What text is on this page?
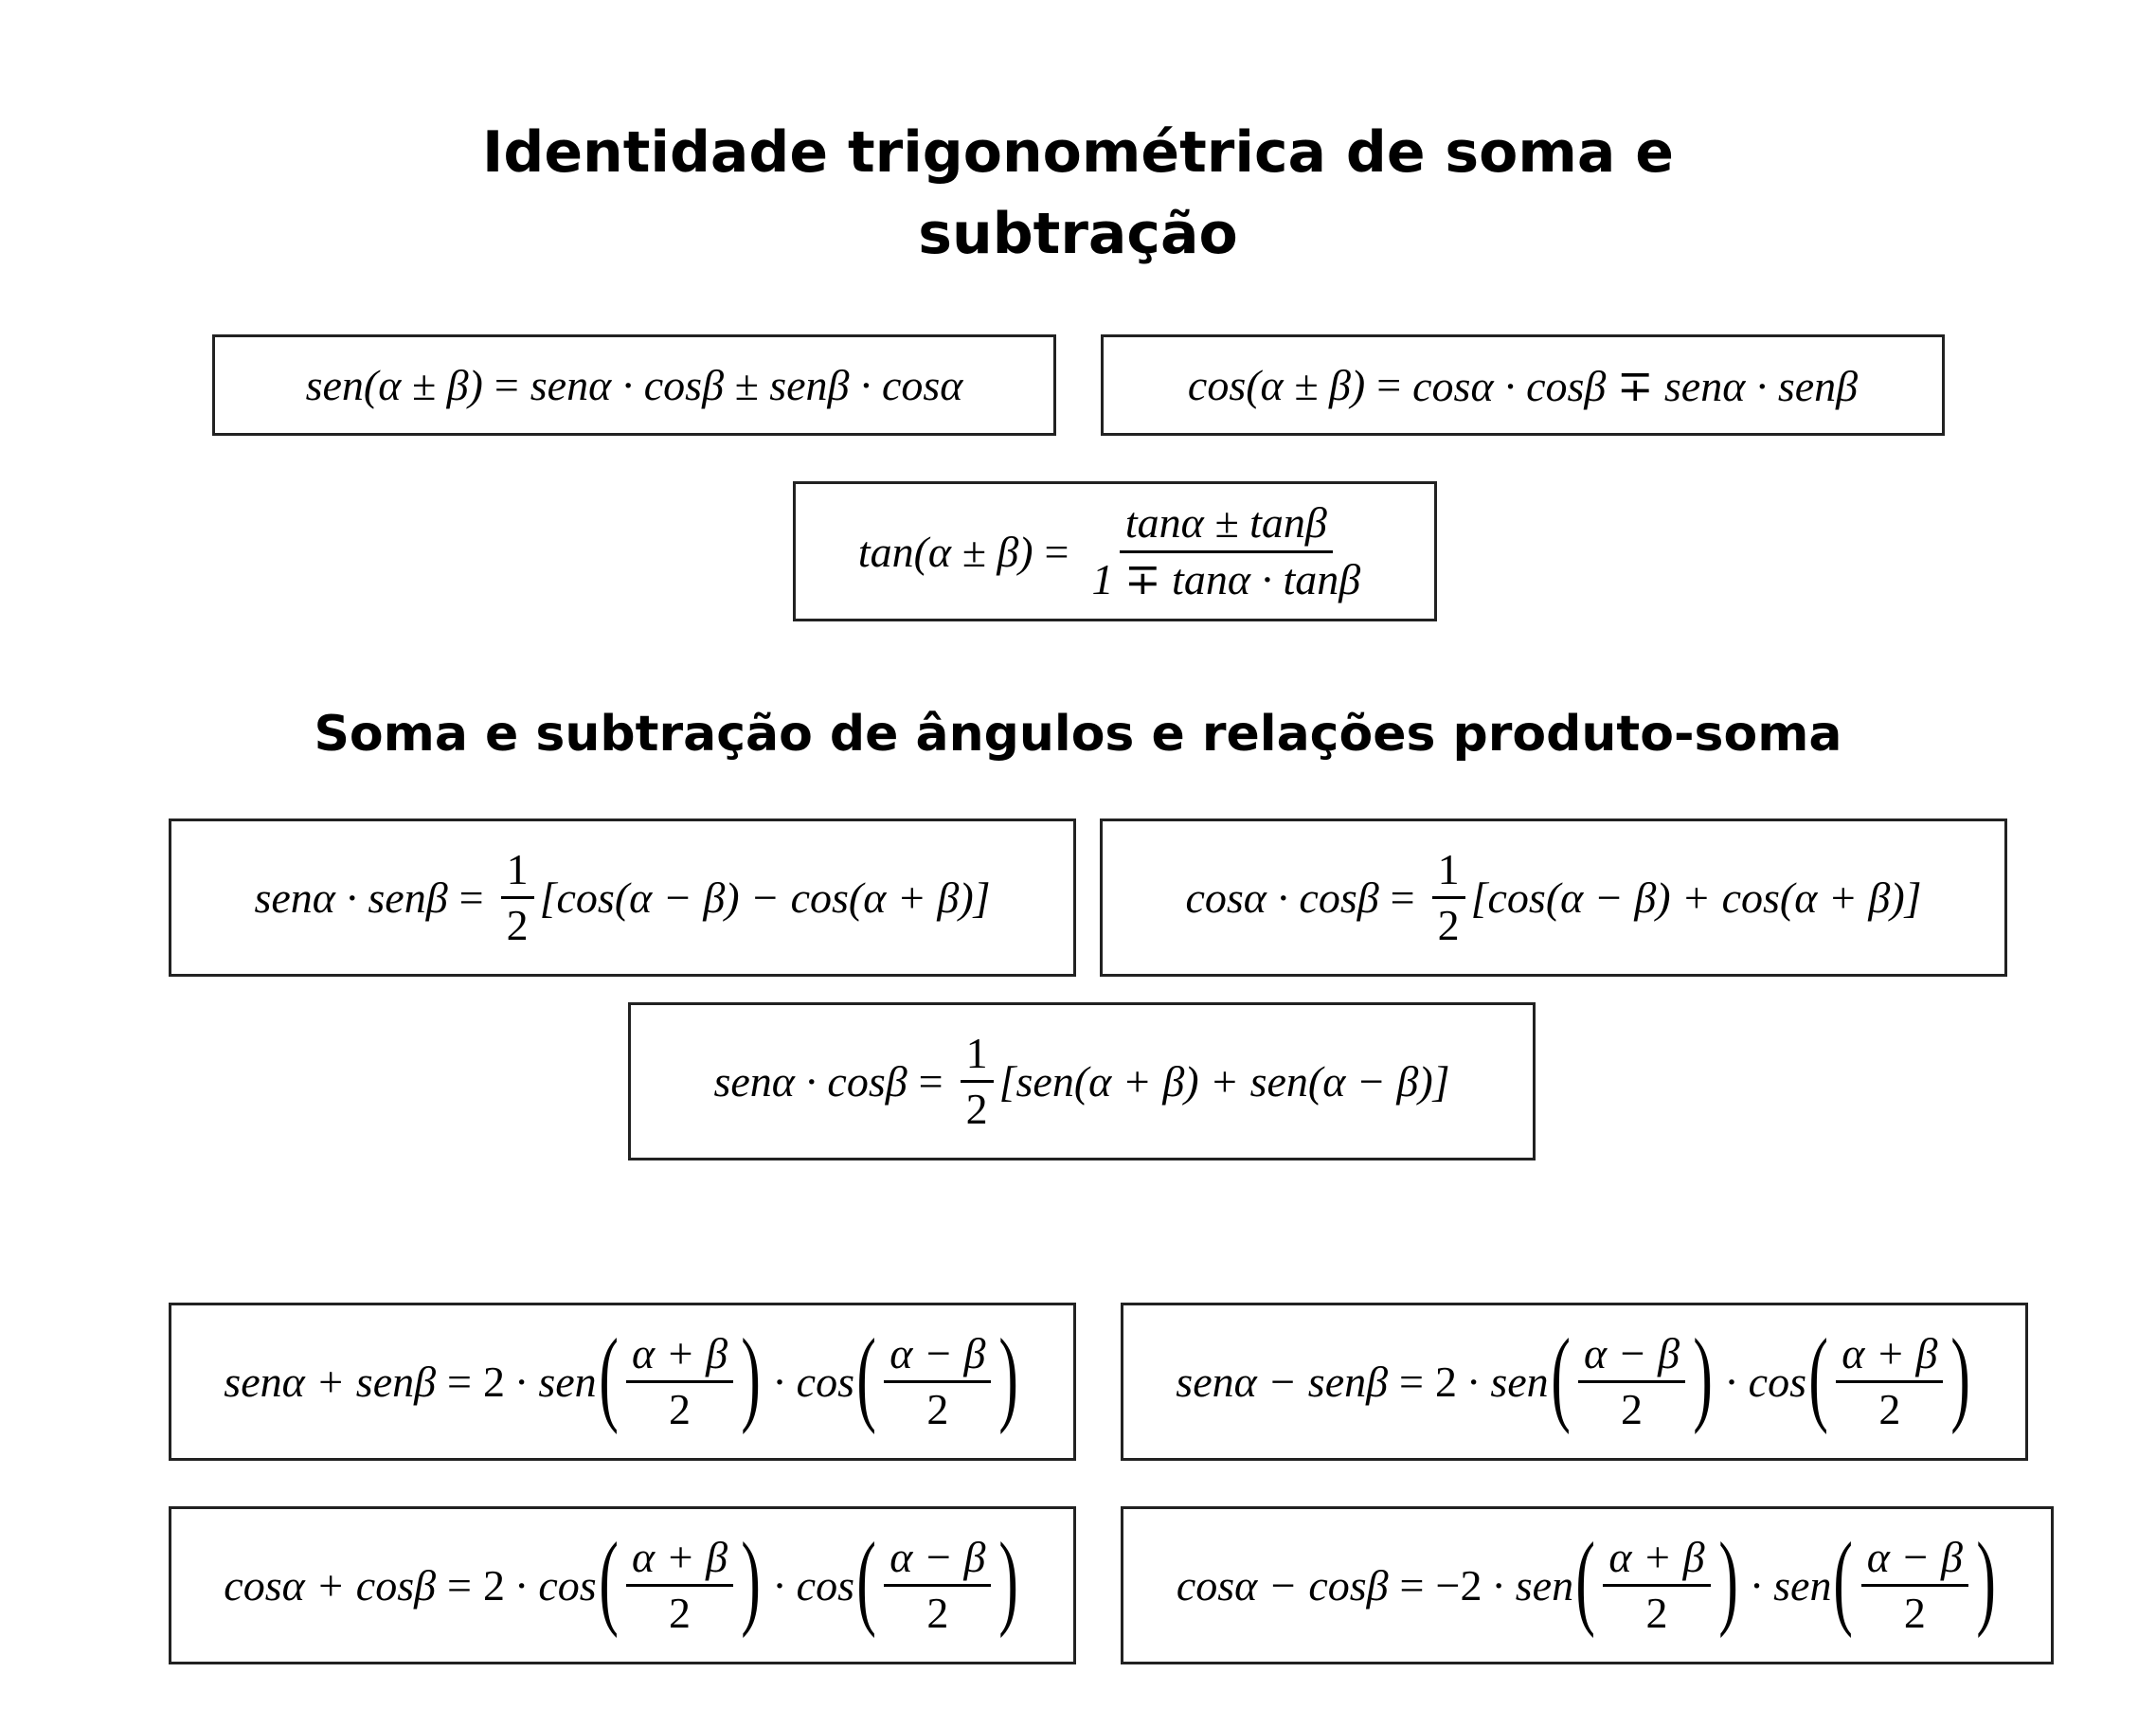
Identidade trigonométrica de soma e
subtração
sen(α ± β) = senα · cosβ ± senβ · cosα	cos(α ± β) = cosα · cosβ ∓ senα · senβ
$\tan(\alpha \pm \beta) = \frac{\tan\alpha \pm \tan\beta}{1 \mp \tan\alpha \cdot \tan\beta}$
Soma e subtração de ângulos e relações produto-soma
$sen\alpha \cdot sen\beta = \frac{1}{2} [\cos(\alpha - \beta) - \cos(\alpha + \beta)]$	$\cos\alpha \cdot \cos\beta = \frac{1}{2} [\cos(\alpha - \beta) + \cos(\alpha + \beta)]$
$sen\alpha \cdot \cos\beta = \frac{1}{2} [sen(\alpha + \beta) + sen(\alpha - \beta)]$
senα + senβ = 2 · sen ( $\frac{\alpha + \beta}{2}$ ) · cos ( $\frac{\alpha - \beta}{2}$ )	senα − senβ = 2 · sen ( $\frac{\alpha - \beta}{2}$ ) · cos ( $\frac{\alpha + \beta}{2}$ )
cosα + cosβ = 2 · cos ( $\frac{\alpha + \beta}{2}$ ) · cos ( $\frac{\alpha - \beta}{2}$ )	cosα − cosβ = −2 · sen ( $\frac{\alpha + \beta}{2}$ ) · sen ( $\frac{\alpha - \beta}{2}$ )
